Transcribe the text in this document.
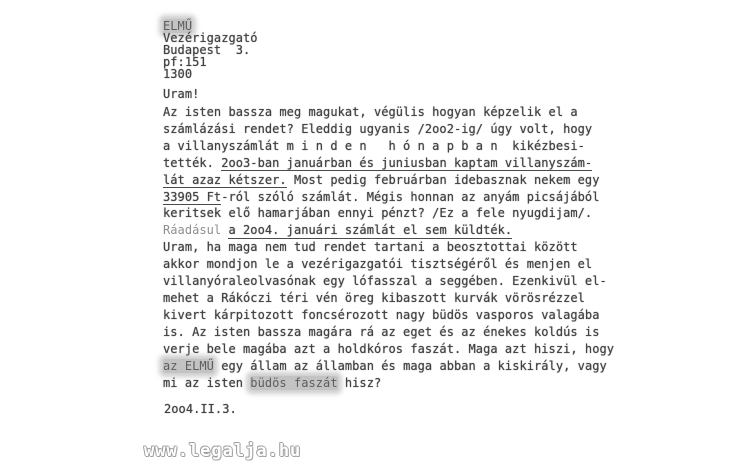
ELMŰ
Vezérigazgató
Budapest  3.
pf:151
1300
Uram!
Az isten bassza meg magukat, végülis hogyan képzelik el a
számlázási rendet? Eleddig ugyanis /2oo2-ig/ úgy volt, hogy
a villanyszámlát m i n d e n   h ó n a p b a n  kikézbesi-
tették. 2oo3-ban januárban és juniusban kaptam villanyszám-
lát azaz kétszer. Most pedig februárban idebasznak nekem egy
33905 Ft-ról szóló számlát. Mégis honnan az anyám picsájából
keritsek elő hamarjában ennyi pénzt? /Ez a fele nyugdijam/.
Ráadásul a 2oo4. januári számlát el sem küldték.
Uram, ha maga nem tud rendet tartani a beosztottai között
akkor mondjon le a vezérigazgatói tisztségéről és menjen el
villanyóraleolvasónak egy lófasszal a seggében. Ezenkivül el-
mehet a Rákóczi téri vén öreg kibaszott kurvák vörösrézzel
kivert kárpitozott foncsérozott nagy büdös vasporos valagába
is. Az isten bassza magára rá az eget és az énekes koldús is
verje bele magába azt a holdkóros faszát. Maga azt hiszi, hogy
az ELMŰ egy állam az államban és maga abban a kiskirály, vagy
mi az isten büdös faszát hisz?
2oo4.II.3.
www.legalja.hu
